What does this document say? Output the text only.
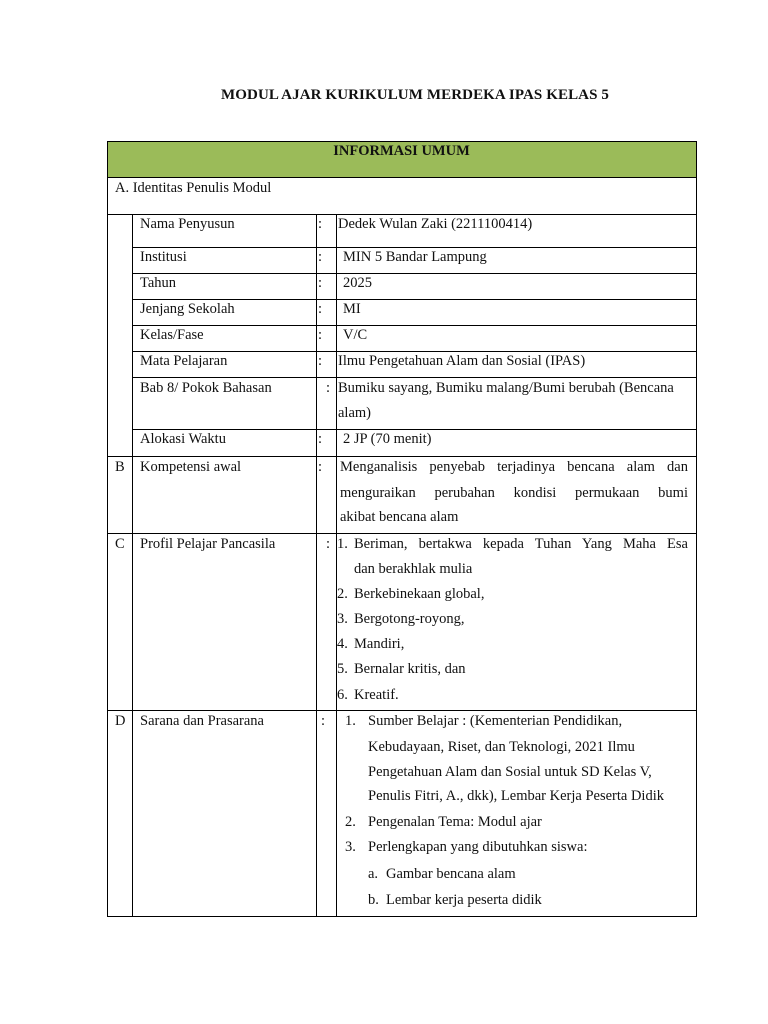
MODUL AJAR KURIKULUM MERDEKA IPAS KELAS 5
INFORMASI UMUM
A. Identitas Penulis Modul
Nama Penyusun	: Dedek Wulan Zaki (2211100414)
Institusi	: MIN 5 Bandar Lampung
Tahun	: 2025
Jenjang Sekolah	: MI
Kelas/Fase	: V/C
Mata Pelajaran	: Ilmu Pengetahuan Alam dan Sosial (IPAS)
Bab 8/ Pokok Bahasan	: Bumiku sayang, Bumiku malang/Bumi berubah (Bencana
alam)
Alokasi Waktu	: 2 JP (70 menit)
B Kompetensi awal	: Menganalisis penyebab terjadinya bencana alam dan
menguraikan perubahan kondisi permukaan bumi
akibat bencana alam
C Profil Pelajar Pancasila	: 1. Beriman, bertakwa kepada Tuhan Yang Maha Esa
dan berakhlak mulia
2. Berkebinekaan global,
3. Bergotong-royong,
4. Mandiri,
5. Bernalar kritis, dan
6. Kreatif.
D Sarana dan Prasarana	: 1. Sumber Belajar : (Kementerian Pendidikan,
Kebudayaan, Riset, dan Teknologi, 2021 Ilmu
Pengetahuan Alam dan Sosial untuk SD Kelas V,
Penulis Fitri, A., dkk), Lembar Kerja Peserta Didik
2. Pengenalan Tema: Modul ajar
3. Perlengkapan yang dibutuhkan siswa:
a. Gambar bencana alam
b. Lembar kerja peserta didik
